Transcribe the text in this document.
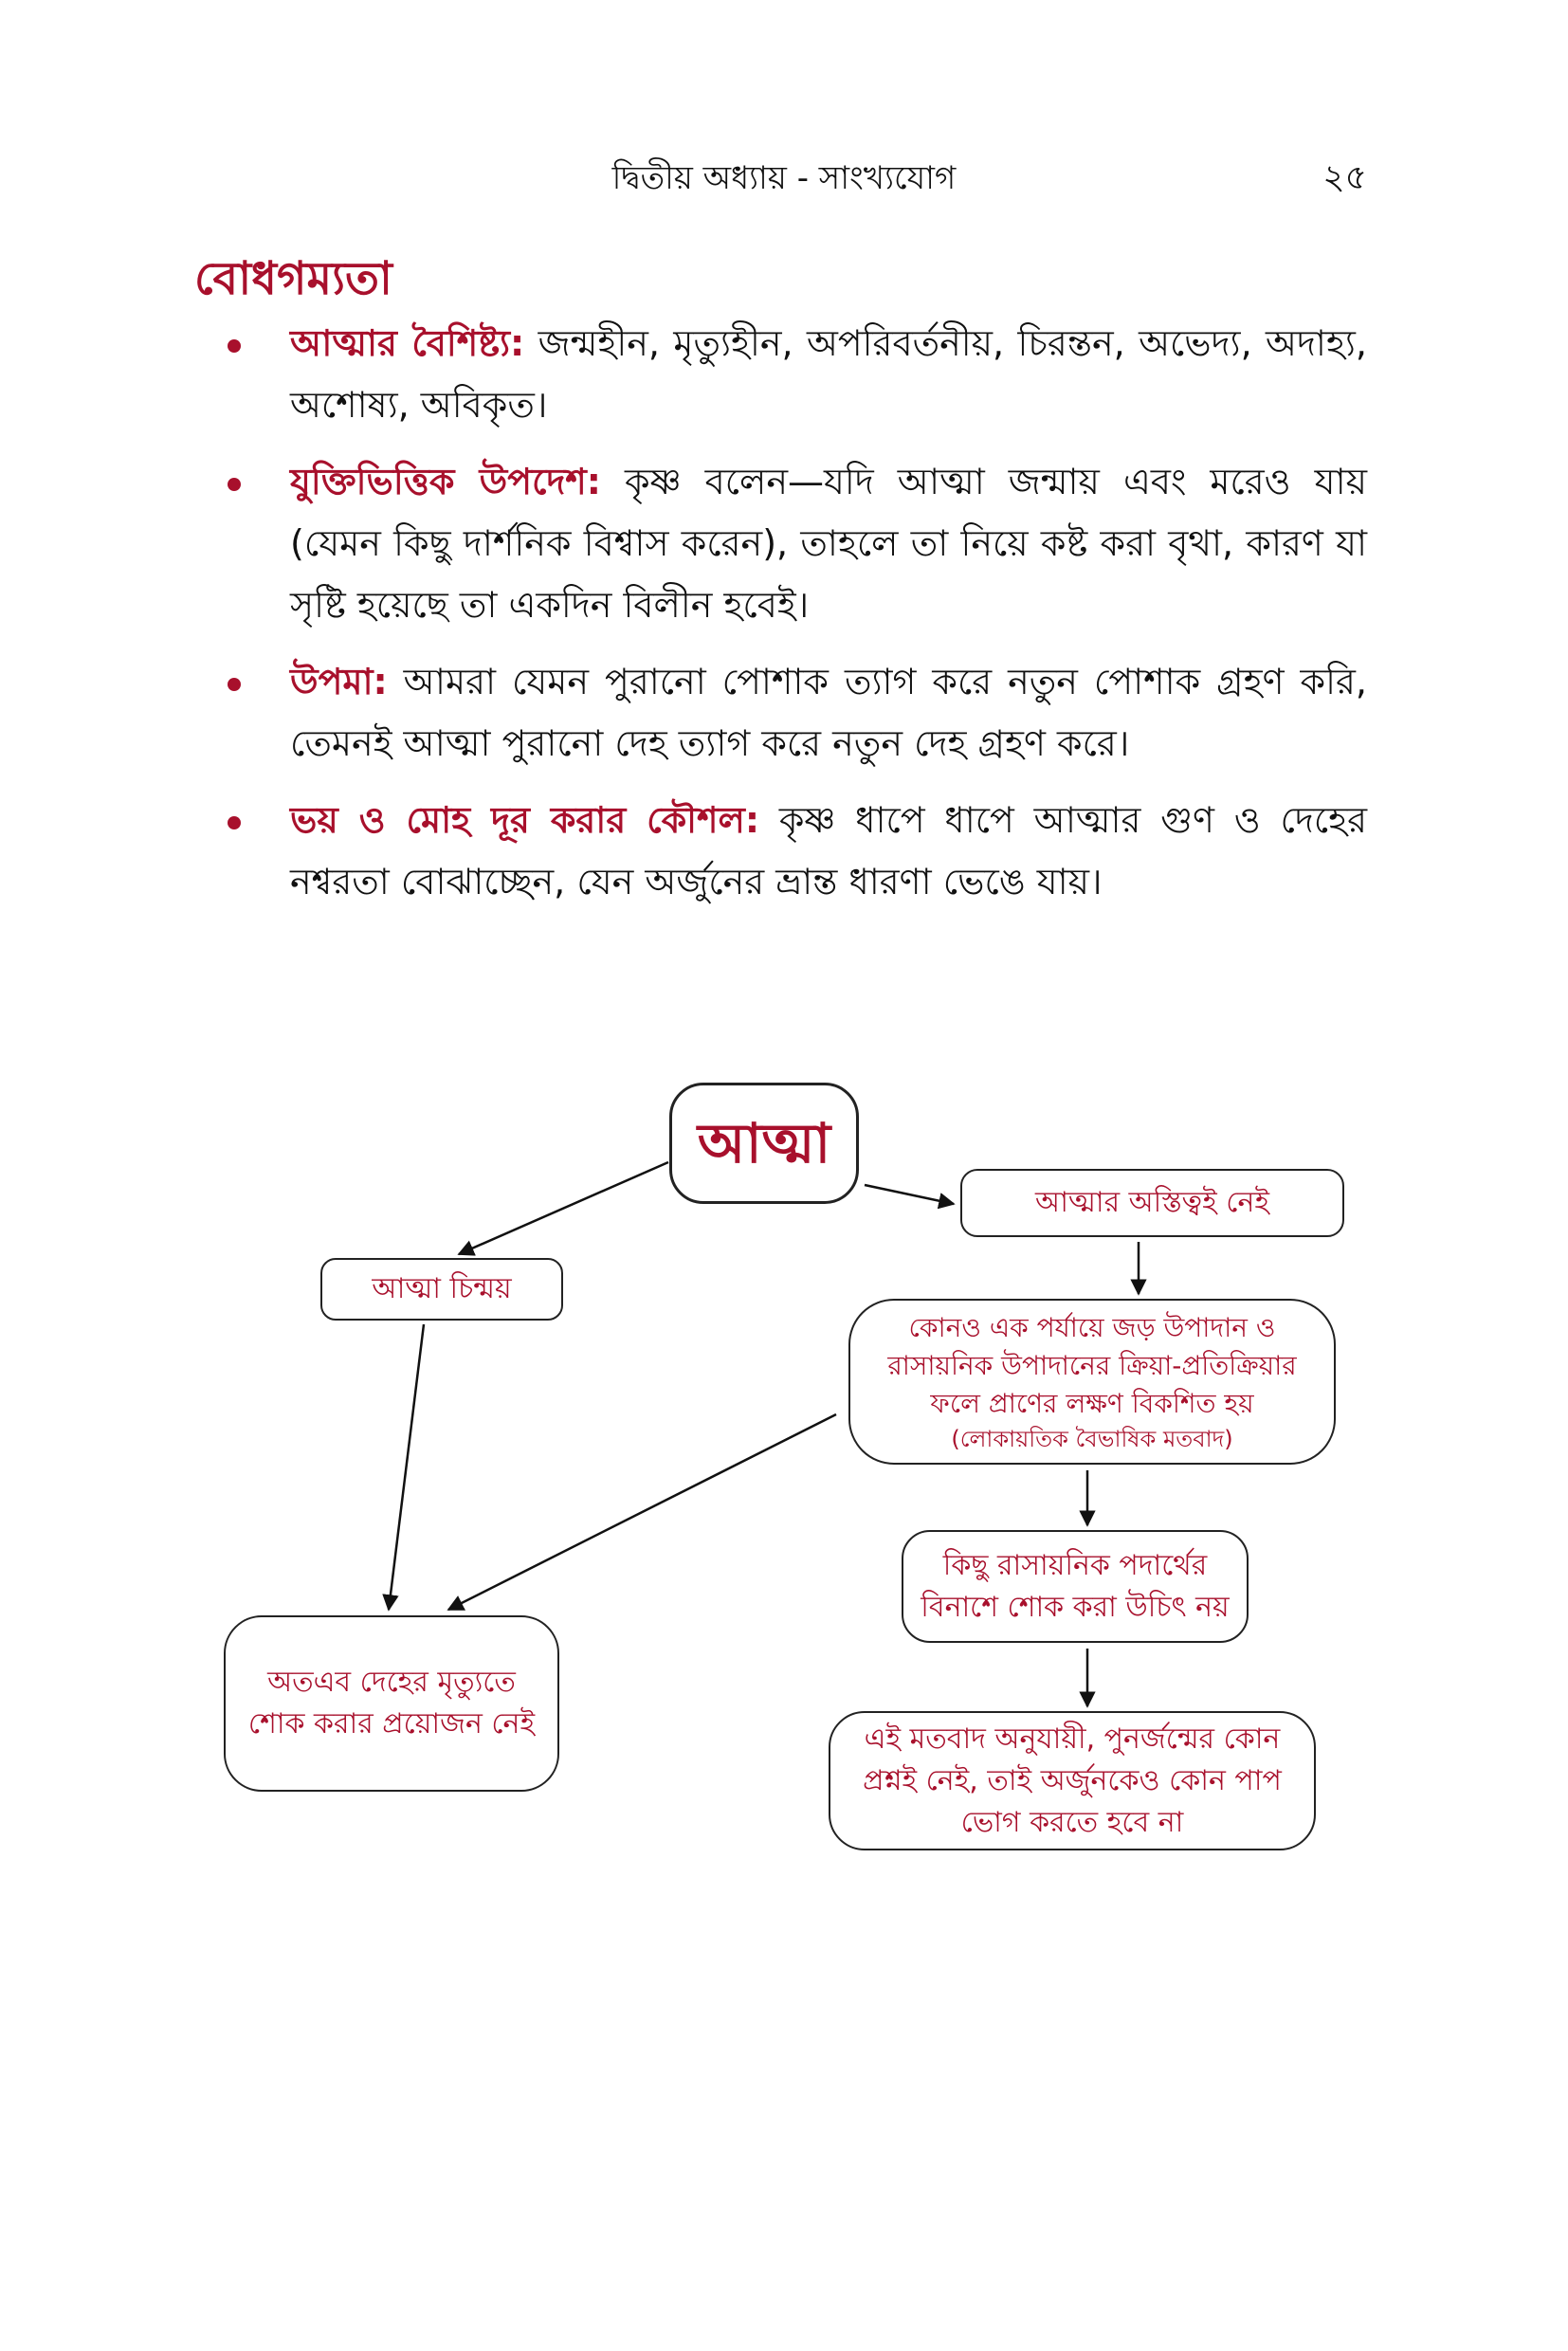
দ্বিতীয় অধ্যায় - সাংখ্যযোগ	২৫
বোধগম্যতা
আত্মার বৈশিষ্ট্য: জন্মহীন, মৃত্যুহীন, অপরিবর্তনীয়, চিরন্তন, অভেদ্য, অদাহ্য, অশোষ্য, অবিকৃত।
যুক্তিভিত্তিক উপদেশ: কৃষ্ণ বলেন—যদি আত্মা জন্মায় এবং মরেও যায় (যেমন কিছু দার্শনিক বিশ্বাস করেন), তাহলে তা নিয়ে কষ্ট করা বৃথা, কারণ যা সৃষ্টি হয়েছে তা একদিন বিলীন হবেই।
উপমা: আমরা যেমন পুরানো পোশাক ত্যাগ করে নতুন পোশাক গ্রহণ করি, তেমনই আত্মা পুরানো দেহ ত্যাগ করে নতুন দেহ গ্রহণ করে।
ভয় ও মোহ দূর করার কৌশল: কৃষ্ণ ধাপে ধাপে আত্মার গুণ ও দেহের নশ্বরতা বোঝাচ্ছেন, যেন অর্জুনের ভ্রান্ত ধারণা ভেঙে যায়।
আত্মা
আত্মার অস্তিত্বই নেই
আত্মা চিন্ময়
কোনও এক পর্যায়ে জড় উপাদান ও রাসায়নিক উপাদানের ক্রিয়া-প্রতিক্রিয়ার ফলে প্রাণের লক্ষণ বিকশিত হয়
(লোকায়তিক বৈভাষিক মতবাদ)
কিছু রাসায়নিক পদার্থের বিনাশে শোক করা উচিৎ নয়
অতএব দেহের মৃত্যুতে শোক করার প্রয়োজন নেই	এই মতবাদ অনুযায়ী, পুনর্জন্মের কোন প্রশ্নই নেই, তাই অর্জুনকেও কোন পাপ ভোগ করতে হবে না
